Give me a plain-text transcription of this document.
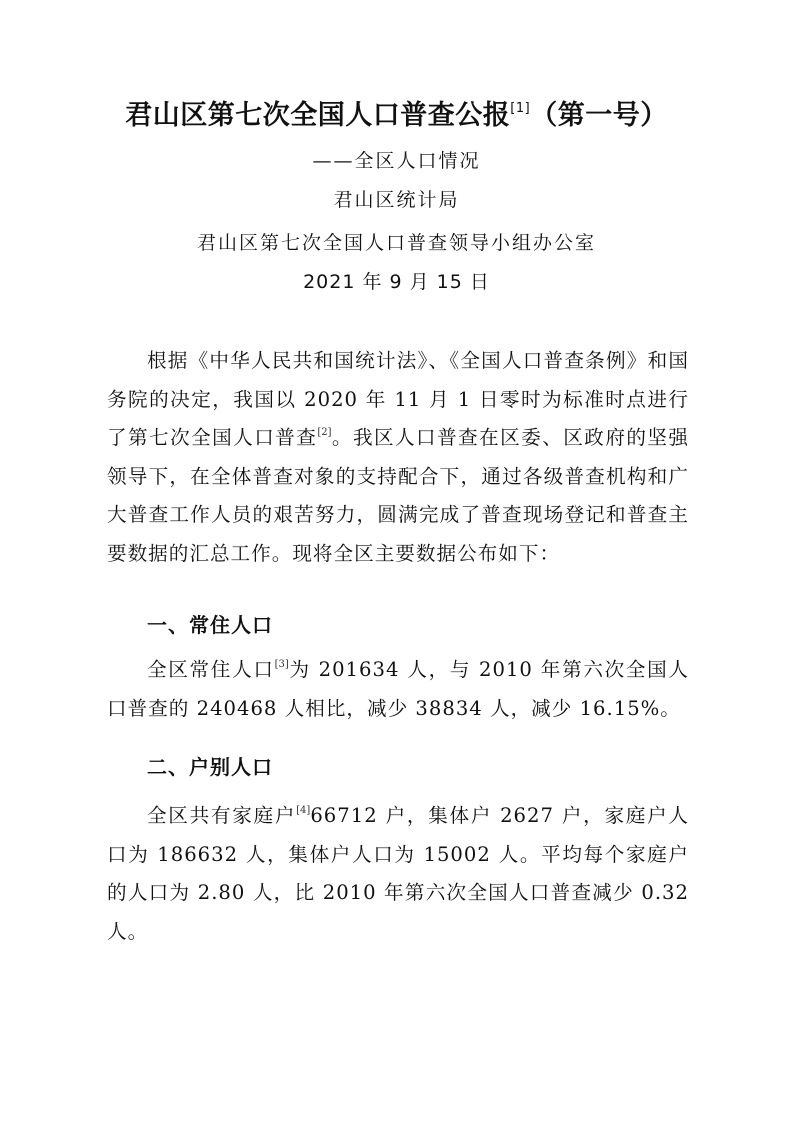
君山区第七次全国人口普查公报[1]（第一号）
——全区人口情况
君山区统计局
君山区第七次全国人口普查领导小组办公室
2021 年 9 月 15 日

根据《中华人民共和国统计法》、《全国人口普查条例》和国务院的决定，我国以 2020 年 11 月 1 日零时为标准时点进行了第七次全国人口普查[2]。我区人口普查在区委、区政府的坚强领导下，在全体普查对象的支持配合下，通过各级普查机构和广大普查工作人员的艰苦努力，圆满完成了普查现场登记和普查主要数据的汇总工作。现将全区主要数据公布如下：

一、常住人口

全区常住人口[3]为 201634 人，与 2010 年第六次全国人口普查的 240468 人相比，减少 38834 人，减少 16.15%。

二、户别人口

全区共有家庭户[4]66712 户，集体户 2627 户，家庭户人口为 186632 人，集体户人口为 15002 人。平均每个家庭户的人口为 2.80 人，比 2010 年第六次全国人口普查减少 0.32 人。
